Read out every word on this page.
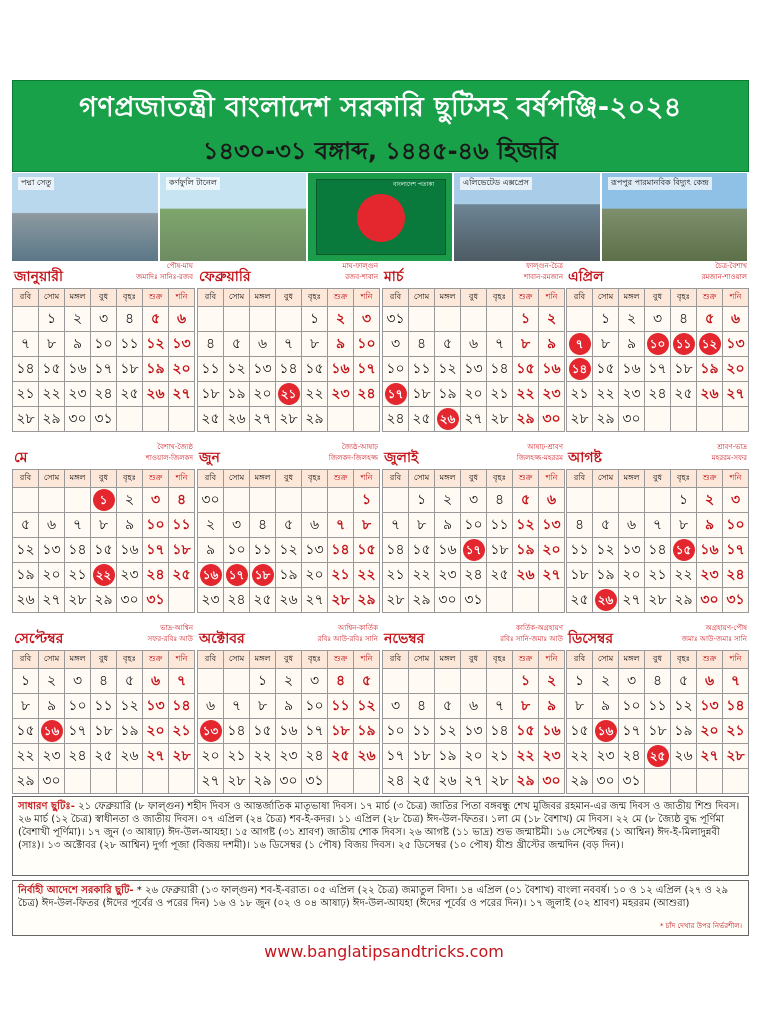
গণপ্রজাতন্ত্রী বাংলাদেশ সরকারি ছুটিসহ বর্ষপঞ্জি-২০২৪
১৪৩০-৩১ বঙ্গাব্দ, ১৪৪৫-৪৬ হিজরি
পদ্মা সেতু	কর্ণফুলি টানেল	বাংলাদেশ পতাকা	এলিভেটেড এক্সপ্রেস	রূপপুর পারমানবিক বিদ্যুৎ কেন্দ্র
জানুয়ারী
পৌষ-মাঘ
জমাদিঃ সানিঃ-রজব
রবি	সোম	মঙ্গল	বুধ	বৃহঃ	শুক্র	শনি
	১	২	৩	৪	৫	৬
৭	৮	৯	১০	১১	১২	১৩
১৪	১৫	১৬	১৭	১৮	১৯	২০
২১	২২	২৩	২৪	২৫	২৬	২৭
২৮	২৯	৩০	৩১			
ফেব্রুয়ারি
মাঘ-ফাল্গুন
রজব-শাবান
রবি	সোম	মঙ্গল	বুধ	বৃহঃ	শুক্র	শনি
				১	২	৩
৪	৫	৬	৭	৮	৯	১০
১১	১২	১৩	১৪	১৫	১৬	১৭
১৮	১৯	২০	২১	২২	২৩	২৪
২৫	২৬	২৭	২৮	২৯		
মার্চ
ফাল্গুন-চৈত্র
শাবান-রমজান
রবি	সোম	মঙ্গল	বুধ	বৃহঃ	শুক্র	শনি
৩১					১	২
৩	৪	৫	৬	৭	৮	৯
১০	১১	১২	১৩	১৪	১৫	১৬
১৭	১৮	১৯	২০	২১	২২	২৩
২৪	২৫	২৬	২৭	২৮	২৯	৩০
এপ্রিল
চৈত্র-বৈশাখ
রমজান-শাওয়াল
রবি	সোম	মঙ্গল	বুধ	বৃহঃ	শুক্র	শনি
	১	২	৩	৪	৫	৬
৭	৮	৯	১০	১১	১২	১৩
১৪	১৫	১৬	১৭	১৮	১৯	২০
২১	২২	২৩	২৪	২৫	২৬	২৭
২৮	২৯	৩০				
মে
বৈশাখ-জ্যৈষ্ঠ
শাওয়াল-জিলকদ
রবি	সোম	মঙ্গল	বুধ	বৃহঃ	শুক্র	শনি
			১	২	৩	৪
৫	৬	৭	৮	৯	১০	১১
১২	১৩	১৪	১৫	১৬	১৭	১৮
১৯	২০	২১	২২	২৩	২৪	২৫
২৬	২৭	২৮	২৯	৩০	৩১	
জুন
জ্যৈষ্ঠ-আষাঢ়
জিলকদ-জিলহজ্জ
রবি	সোম	মঙ্গল	বুধ	বৃহঃ	শুক্র	শনি
৩০						১
২	৩	৪	৫	৬	৭	৮
৯	১০	১১	১২	১৩	১৪	১৫
১৬	১৭	১৮	১৯	২০	২১	২২
২৩	২৪	২৫	২৬	২৭	২৮	২৯
জুলাই
আষাঢ়-শ্রাবণ
জিলহজ্জ-মহররম
রবি	সোম	মঙ্গল	বুধ	বৃহঃ	শুক্র	শনি
	১	২	৩	৪	৫	৬
৭	৮	৯	১০	১১	১২	১৩
১৪	১৫	১৬	১৭	১৮	১৯	২০
২১	২২	২৩	২৪	২৫	২৬	২৭
২৮	২৯	৩০	৩১			
আগষ্ট
শ্রাবণ-ভাদ্র
মহররম-সফর
রবি	সোম	মঙ্গল	বুধ	বৃহঃ	শুক্র	শনি
				১	২	৩
৪	৫	৬	৭	৮	৯	১০
১১	১২	১৩	১৪	১৫	১৬	১৭
১৮	১৯	২০	২১	২২	২৩	২৪
২৫	২৬	২৭	২৮	২৯	৩০	৩১
সেপ্টেম্বর
ভাদ্র-আশ্বিন
সফর-রবিঃ আউ
রবি	সোম	মঙ্গল	বুধ	বৃহঃ	শুক্র	শনি
১	২	৩	৪	৫	৬	৭
৮	৯	১০	১১	১২	১৩	১৪
১৫	১৬	১৭	১৮	১৯	২০	২১
২২	২৩	২৪	২৫	২৬	২৭	২৮
২৯	৩০					
অক্টোবর
আশ্বিন-কার্তিক
রবিঃ আউ-রবিঃ সানি
রবি	সোম	মঙ্গল	বুধ	বৃহঃ	শুক্র	শনি
		১	২	৩	৪	৫
৬	৭	৮	৯	১০	১১	১২
১৩	১৪	১৫	১৬	১৭	১৮	১৯
২০	২১	২২	২৩	২৪	২৫	২৬
২৭	২৮	২৯	৩০	৩১		
নভেম্বর
কার্তিক-অগ্রহায়ণ
রবিঃ সানি-জমাঃ আউ
রবি	সোম	মঙ্গল	বুধ	বৃহঃ	শুক্র	শনি
					১	২
৩	৪	৫	৬	৭	৮	৯
১০	১১	১২	১৩	১৪	১৫	১৬
১৭	১৮	১৯	২০	২১	২২	২৩
২৪	২৫	২৬	২৭	২৮	২৯	৩০
ডিসেম্বর
অগ্রহায়ণ-পৌষ
জমাঃ আউ-জমাঃ সানি
রবি	সোম	মঙ্গল	বুধ	বৃহঃ	শুক্র	শনি
১	২	৩	৪	৫	৬	৭
৮	৯	১০	১১	১২	১৩	১৪
১৫	১৬	১৭	১৮	১৯	২০	২১
২২	২৩	২৪	২৫	২৬	২৭	২৮
২৯	৩০	৩১				
সাধারণ ছুটিঃ- ২১ ফেব্রুয়ারি (৮ ফাল্গুন) শহীদ দিবস ও আন্তর্জাতিক মাতৃভাষা দিবস। ১৭ মার্চ (৩ চৈত্র) জাতির পিতা বঙ্গবন্ধু শেখ মুজিবর রহমান-এর জন্ম দিবস ও জাতীয় শিশু দিবস। ২৬ মার্চ (১২ চৈত্র) স্বাধীনতা ও জাতীয় দিবস। ০৭ এপ্রিল (২৪ চৈত্র) শব-ই-কদর। ১১ এপ্রিল (২৮ চৈত্র) ঈদ-উল-ফিতর। ১লা মে (১৮ বৈশাখ) মে দিবস। ২২ মে (৮ জ্যৈষ্ঠ বুদ্ধ পূর্ণিমা (বৈশাখী পূর্ণিমা)। ১৭ জুন (৩ আষাঢ়) ঈদ-উল-আযহা। ১৫ আগষ্ট (৩১ শ্রাবণ) জাতীয় শোক দিবস। ২৬ আগষ্ট (১১ ভাদ্র) শুভ জন্মাষ্টমী। ১৬ সেপ্টেম্বর (১ আশ্বিন) ঈদ-ই-মিলাদুন্নবী (সাঃ)। ১৩ অক্টোবর (২৮ আশ্বিন) দুর্গা পূজা (বিজয় দশমী)। ১৬ ডিসেম্বর (১ পৌষ) বিজয় দিবস। ২৫ ডিসেম্বর (১০ পৌষ) যীশু খ্রীস্টের জন্মদিন (বড় দিন)।
নির্বাহী আদেশে সরকারি ছুটি- * ২৬ ফেব্রুয়ারী (১৩ ফাল্গুন) শব-ই-বরাত। ০৫ এপ্রিল (২২ চৈত্র) জমাতুল বিদা। ১৪ এপ্রিল (০১ বৈশাখ) বাংলা নববর্ষ। ১০ ও ১২ এপ্রিল (২৭ ও ২৯ চৈত্র) ঈদ-উল-ফিতর (ঈদের পূর্বের ও পরের দিন) ১৬ ও ১৮ জুন (০২ ও ০৪ আষাঢ়) ঈদ-উল-আযহা (ঈদের পূর্বের ও পরের দিন)। ১৭ জুলাই (০২ শ্রাবণ) মহররম (আশুরা)
* চাঁদ দেখার উপর নির্ভরশীল।
www.banglatipsandtricks.com
